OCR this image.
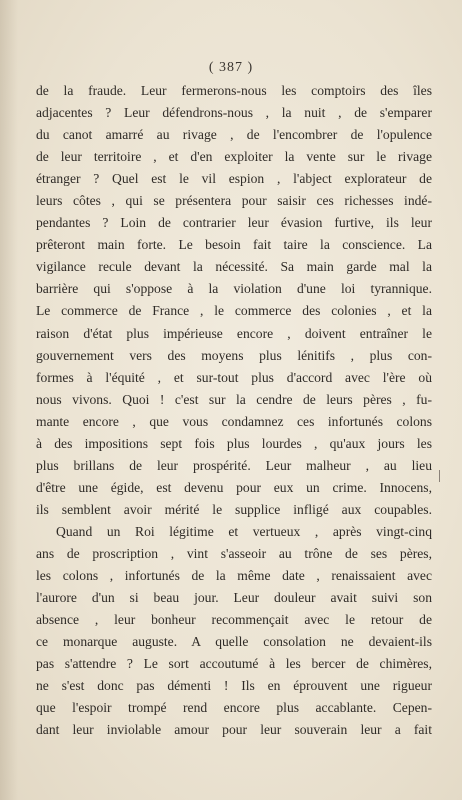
( 387 )
de la fraude. Leur fermerons-nous les comptoirs des îles
adjacentes ? Leur défendrons-nous , la nuit , de s'emparer
du canot amarré au rivage , de l'encombrer de l'opulence
de leur territoire , et d'en exploiter la vente sur le rivage
étranger ? Quel est le vil espion , l'abject explorateur de
leurs côtes , qui se présentera pour saisir ces richesses indé-
pendantes ? Loin de contrarier leur évasion furtive, ils leur
prêteront main forte. Le besoin fait taire la conscience. La
vigilance recule devant la nécessité. Sa main garde mal la
barrière qui s'oppose à la violation d'une loi tyrannique.
Le commerce de France , le commerce des colonies , et la
raison d'état plus impérieuse encore , doivent entraîner le
gouvernement vers des moyens plus lénitifs , plus con-
formes à l'équité , et sur-tout plus d'accord avec l'ère où
nous vivons. Quoi ! c'est sur la cendre de leurs pères , fu-
mante encore , que vous condamnez ces infortunés colons
à des impositions sept fois plus lourdes , qu'aux jours les
plus brillans de leur prospérité. Leur malheur , au lieu
d'être une égide, est devenu pour eux un crime. Innocens,
ils semblent avoir mérité le supplice infligé aux coupables.
Quand un Roi légitime et vertueux , après vingt-cinq
ans de proscription , vint s'asseoir au trône de ses pères,
les colons , infortunés de la même date , renaissaient avec
l'aurore d'un si beau jour. Leur douleur avait suivi son
absence , leur bonheur recommençait avec le retour de
ce monarque auguste. A quelle consolation ne devaient-ils
pas s'attendre ? Le sort accoutumé à les bercer de chimères,
ne s'est donc pas démenti ! Ils en éprouvent une rigueur
que l'espoir trompé rend encore plus accablante. Cepen-
dant leur inviolable amour pour leur souverain leur a fait
